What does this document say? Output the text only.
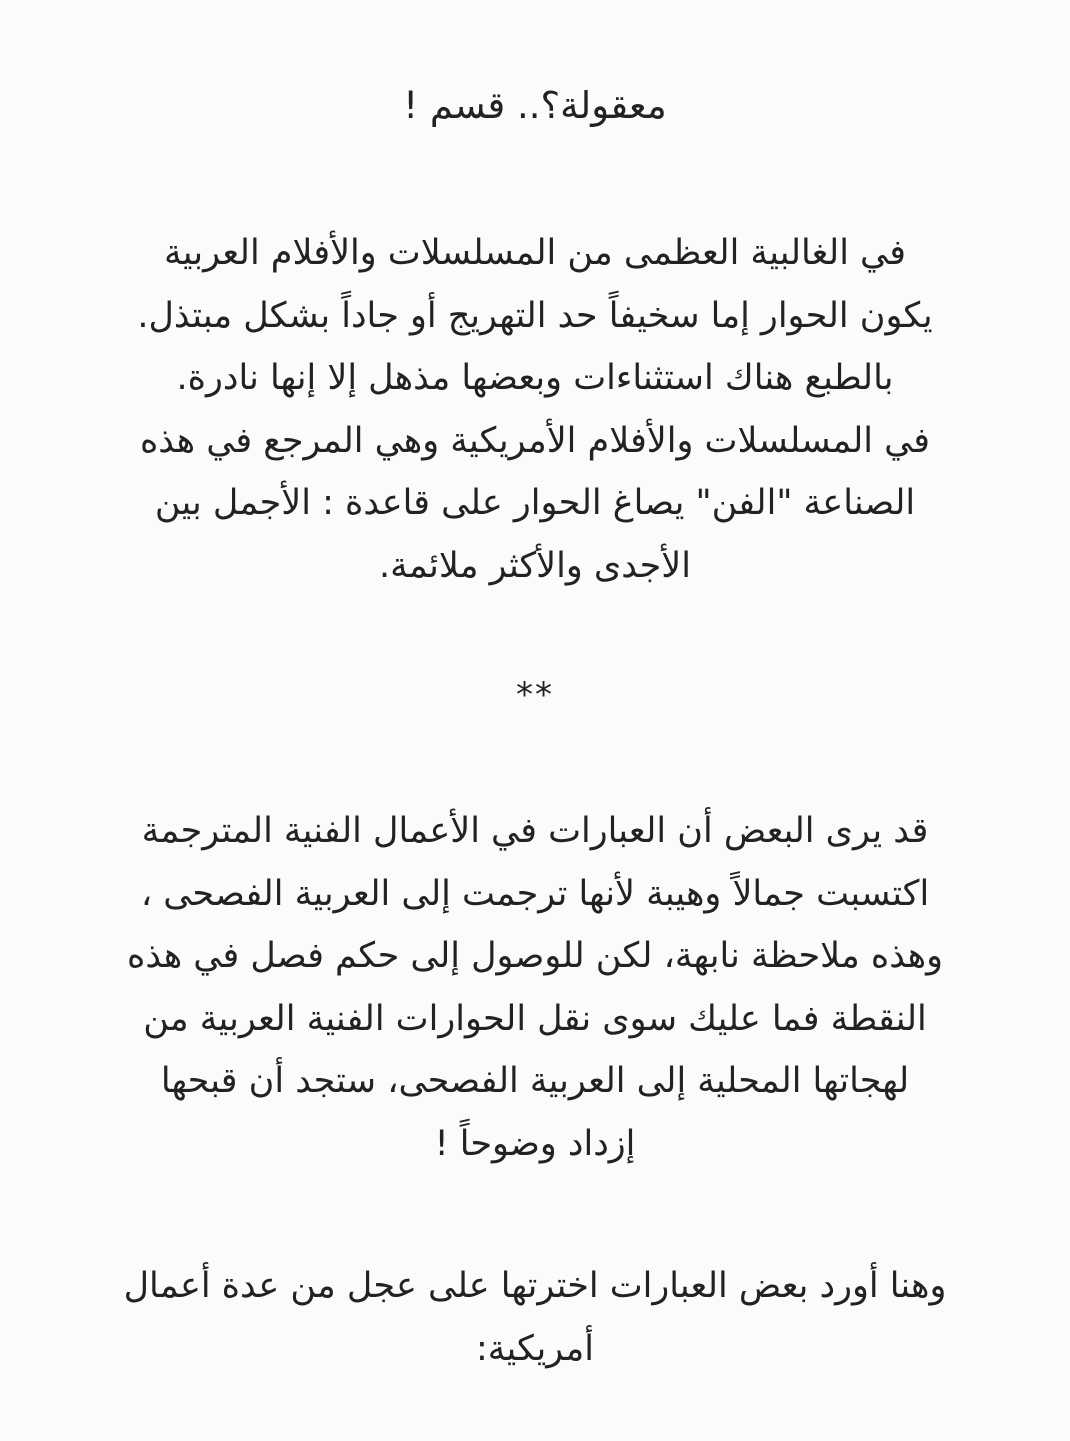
معقولة؟.. قسم !
في الغالبية العظمى من المسلسلات والأفلام العربية
يكون الحوار إما سخيفاً حد التهريج أو جاداً بشكل مبتذل.
بالطبع هناك استثناءات وبعضها مذهل إلا إنها نادرة.
في المسلسلات والأفلام الأمريكية وهي المرجع في هذه
الصناعة "الفن" يصاغ الحوار على قاعدة : الأجمل بين
الأجدى والأكثر ملائمة.
**
قد يرى البعض أن العبارات في الأعمال الفنية المترجمة
اكتسبت جمالاً وهيبة لأنها ترجمت إلى العربية الفصحى ،
وهذه ملاحظة نابهة، لكن للوصول إلى حكم فصل في هذه
النقطة فما عليك سوى نقل الحوارات الفنية العربية من
لهجاتها المحلية إلى العربية الفصحى، ستجد أن قبحها
إزداد وضوحاً !
وهنا أورد بعض العبارات اخترتها على عجل من عدة أعمال
أمريكية:
